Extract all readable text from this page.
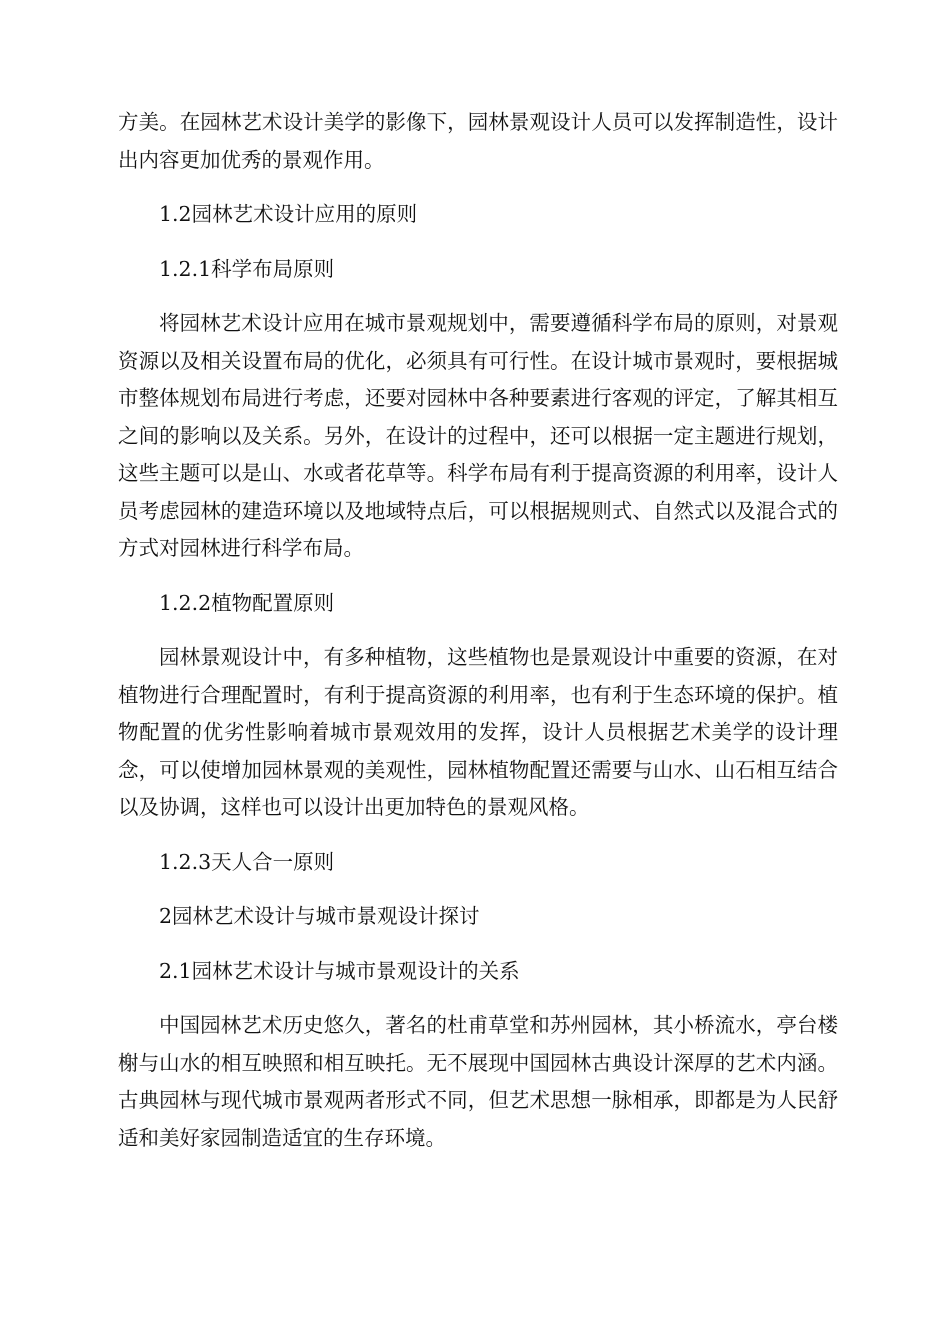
方美。在园林艺术设计美学的影像下，园林景观设计人员可以发挥制造性，设计出内容更加优秀的景观作用。

1.2园林艺术设计应用的原则

1.2.1科学布局原则

将园林艺术设计应用在城市景观规划中，需要遵循科学布局的原则，对景观资源以及相关设置布局的优化，必须具有可行性。在设计城市景观时，要根据城市整体规划布局进行考虑，还要对园林中各种要素进行客观的评定，了解其相互之间的影响以及关系。另外，在设计的过程中，还可以根据一定主题进行规划，这些主题可以是山、水或者花草等。科学布局有利于提高资源的利用率，设计人员考虑园林的建造环境以及地域特点后，可以根据规则式、自然式以及混合式的方式对园林进行科学布局。

1.2.2植物配置原则

园林景观设计中，有多种植物，这些植物也是景观设计中重要的资源，在对植物进行合理配置时，有利于提高资源的利用率，也有利于生态环境的保护。植物配置的优劣性影响着城市景观效用的发挥，设计人员根据艺术美学的设计理念，可以使增加园林景观的美观性，园林植物配置还需要与山水、山石相互结合以及协调，这样也可以设计出更加特色的景观风格。

1.2.3天人合一原则

2园林艺术设计与城市景观设计探讨

2.1园林艺术设计与城市景观设计的关系

中国园林艺术历史悠久，著名的杜甫草堂和苏州园林，其小桥流水，亭台楼榭与山水的相互映照和相互映托。无不展现中国园林古典设计深厚的艺术内涵。古典园林与现代城市景观两者形式不同，但艺术思想一脉相承，即都是为人民舒适和美好家园制造适宜的生存环境。
